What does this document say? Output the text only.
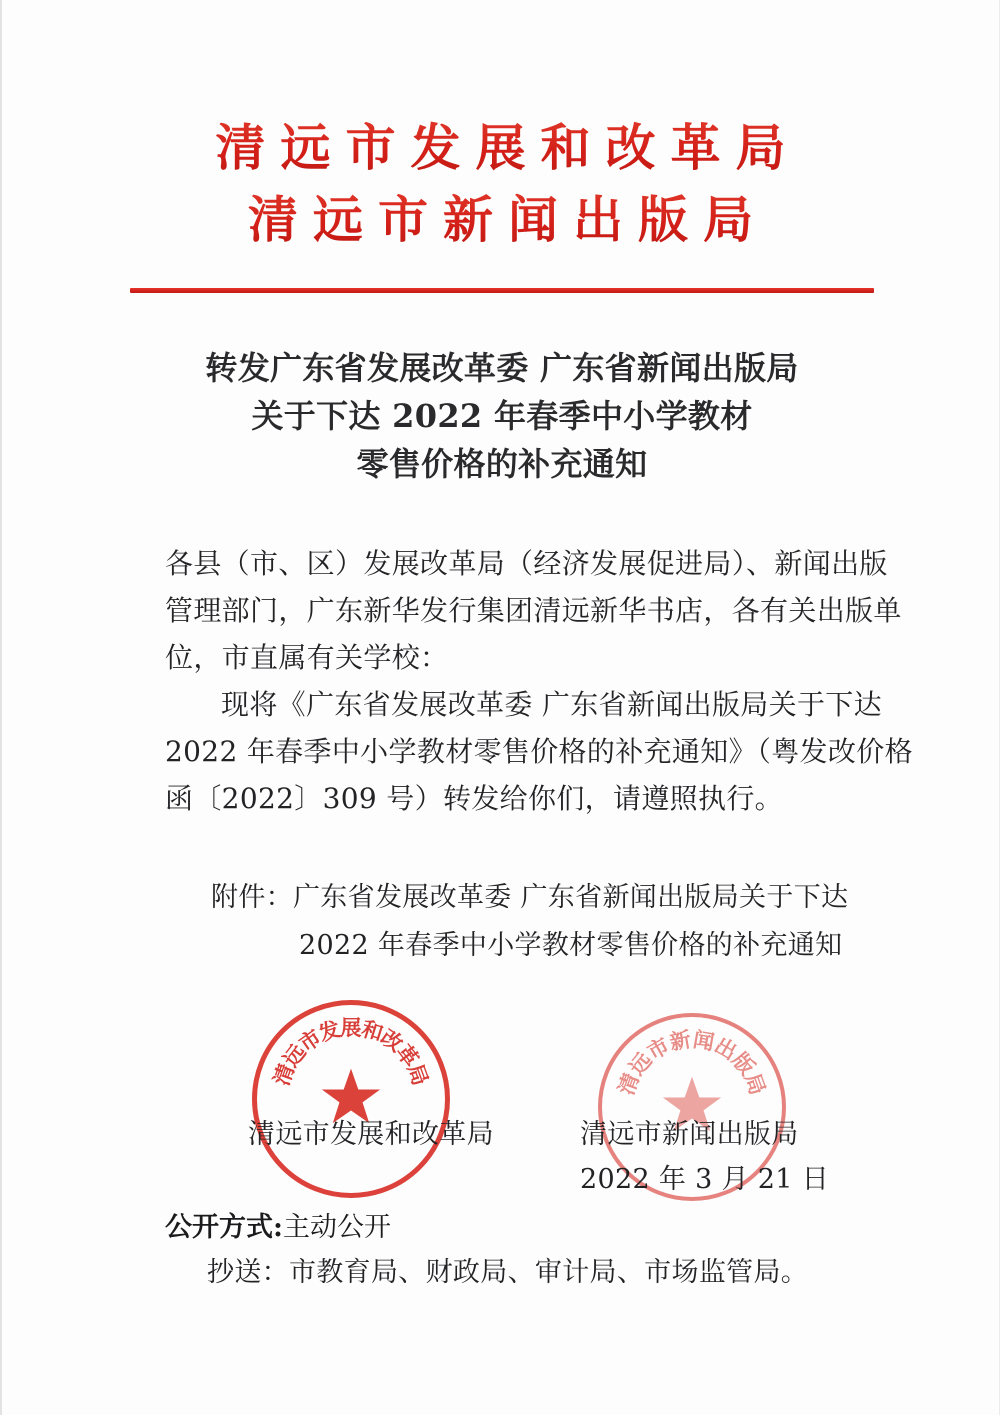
清远市发展和改革局
清远市新闻出版局
转发广东省发展改革委 广东省新闻出版局
关于下达 2022 年春季中小学教材
零售价格的补充通知
各县（市、区）发展改革局（经济发展促进局）、新闻出版
管理部门，广东新华发行集团清远新华书店，各有关出版单
位，市直属有关学校：
现将《广东省发展改革委 广东省新闻出版局关于下达
2022 年春季中小学教材零售价格的补充通知》（粤发改价格
函〔2022〕309 号）转发给你们，请遵照执行。
附件：广东省发展改革委 广东省新闻出版局关于下达
2022 年春季中小学教材零售价格的补充通知
清
远
市
发
展
和
改
革
局	清
远
市
新
闻
出
版
局
清远市发展和改革局	清远市新闻出版局
2022 年 3 月 21 日
公开方式:主动公开
抄送：市教育局、财政局、审计局、市场监管局。
